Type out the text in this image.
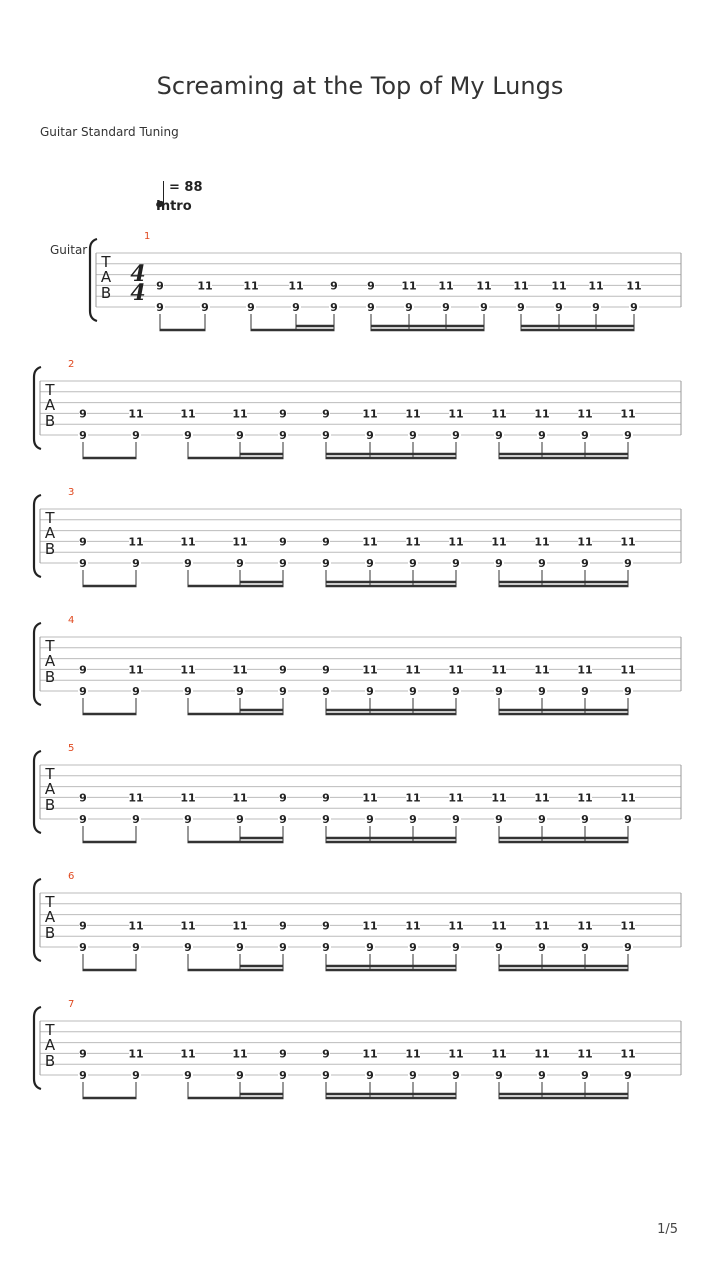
Screaming at the Top of My Lungs
Guitar Standard Tuning
= 88
Intro
Guitar
T
A
B
4
4
1
9
9
11
9
11
9
11
9
9
9
9
9
11
9
11
9
11
9
11
9
11
9
11
9
11
9
T
A
B
2
9
9
11
9
11
9
11
9
9
9
9
9
11
9
11
9
11
9
11
9
11
9
11
9
11
9
T
A
B
3
9
9
11
9
11
9
11
9
9
9
9
9
11
9
11
9
11
9
11
9
11
9
11
9
11
9
T
A
B
4
9
9
11
9
11
9
11
9
9
9
9
9
11
9
11
9
11
9
11
9
11
9
11
9
11
9
T
A
B
5
9
9
11
9
11
9
11
9
9
9
9
9
11
9
11
9
11
9
11
9
11
9
11
9
11
9
T
A
B
6
9
9
11
9
11
9
11
9
9
9
9
9
11
9
11
9
11
9
11
9
11
9
11
9
11
9
T
A
B
7
9
9
11
9
11
9
11
9
9
9
9
9
11
9
11
9
11
9
11
9
11
9
11
9
11
9
1/5
